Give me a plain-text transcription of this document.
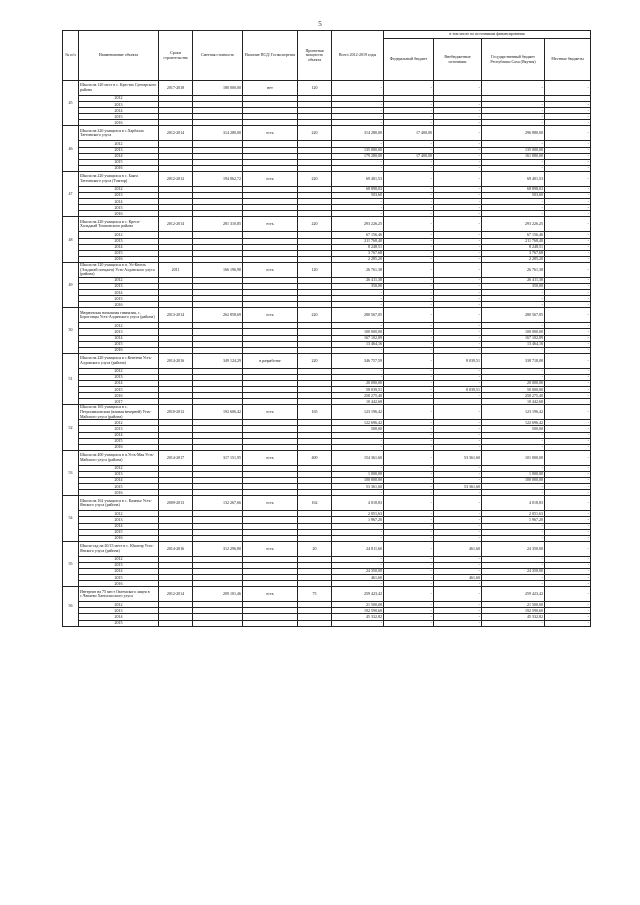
5
№ п/п	Наименование объекта	Сроки строительства	Сметная стоимость	Наличие ПСД/ Госэкспертиза	Проектная мощность объекта	Всего 2012-2019 годы	в том числе по источникам финансирования			
							Федеральный бюджет	Внебюджетные источники	Государственный бюджет Республики Саха (Якутия)	Местные бюджеты
45	Школа на 120 мест в с. Крестях Сунтарского района	2017-2018	180 000,00	нет	120	-	-	-	-	-
	2012									
	2013					-	-	-	-	-
	2014					-	-	-	-	-
	2015					-	-	-	-	-
	2016					-	-	-	-	-
46	Школа на 220 учащихся в с.Харбалах Таттинского улуса	2012-2014	314 280,00	есть	220	314 280,00	17 400,00	-	296 880,00	-
	2012					-	-	-	-	-
	2013					135 000,00	-	-	135 000,00	-
	2014					179 280,00	17 400,00	-	161 880,00	-
	2015					-	-	-	-	-
	2016					-	-	-	-	-
47	Школа на 220 учащихся в с. Баяга Таттинского улуса (Томтор)	2012-2012	194 062,72	есть	220	69 401,53	-	-	69 401,53	-
	2012					68 898,03	-	-	68 898,03	-
	2013					503,60	-	-	503,60	-
	2014					-	-	-	-	-
	2015					-	-	-	-	-
	2016					-	-	-	-	-
48	Школа на 220 учащихся в с. Кресп-Хальджай Томпонского района	2012-2014	281 310,85	есть	220	293 226,25	-	-	293 226,25	-
	2012					67 156,46	-	-	67 156,46	-
	2013					211 768,40	-	-	211 768,40	-
	2014					8 248,51	-	-	8 248,51	-
	2015					3 767,68	-	-	3 767,68	-
	2016					2 285,20	-	-	2 285,20	-
49	Школа на 120 учащихся в п. Уо-Кюель (Эльдигай спецжеп) Усть-Алданского улуса (района)	2011	166 196,98	есть	120	26 761,38	-	-	26 761,38	-
	2012					26 411,38	-	-	26 411,38	-
	2013					350,00	-	-	350,00	-
	2014					-	-	-	-	-
	2015					-	-	-	-	-
	2016					-	-	-	-	-
50	Мюрюнская начальная гимназия, с. Борогонцы Усть-Алданского улуса (района)	2013-2014	262 858,69	есть	220	280 567,05	-	-	280 567,05	-
	2012					-	-	-	-	-
	2013					100 000,00	-	-	100 000,00	-
	2014					167 102,89	-	-	167 102,89	-
	2015					13 464,16	-	-	13 464,16	-
	2016					-	-	-	-	-
51	Школа на 220 учащихся в с.Кептени Усть-Алданского улуса (района)	2014-2016	349 124,29	в разработке	220	346 757,59	-	8 039,51	338 718,08	-
	2012					-	-	-	-	-
	2013					-	-	-	-	-
	2014					20 000,00	-	-	20 000,00	-
	2015					58 039,51	-	8 039,51	50 000,00	-
	2016					258 275,40	-	-	258 275,40	-
	2017					10 442,68			10 442,68	
52	Школа на 165 учащихся в с. Петропавловском (вливая вечерней) Усть-Майского улуса (района)	2010-2012	192 606,42	есть	165	123 196,42	-	-	123 196,42	-
	2012					122 696,42	-	-	122 696,42	-
	2013					500,00	-	-	500,00	-
	2014					-	-	-	-	-
	2015					-	-	-	-	-
	2016					-	-	-	-	-
53	Школа на 400 учащихся в п.Усть-Мая Усть-Майского улуса (района)	2014-2017	317 151,95	есть	400	154 361,60	-	53 361,60	101 000,00	-
	2012					-	-	-	-	-
	2013					1 000,00	-	-	1 000,00	-
	2014					100 000,00	-	-	100 000,00	-
	2015					53 361,60	-	53 361,60	-	-
	2016					-	-	-	-	-
54	Школа на 162 учащихся в с. Казачье Усть-Янского улуса (района)	2009-2013	132 267,66	есть	162	4 018,83	-	-	4 018,83	-
	2012					2 051,63	-	-	2 051,63	-
	2013					1 967,20	-	-	1 967,20	-
	2014					-	-	-	-	-
	2015					-	-	-	-	-
	2016					-	-	-	-	-
55	Школа-сад на 20/15 мест в с. Юкагир Усть-Янского улуса (района)	2014-2016	312 296,80	есть	20	24 811,60	-	461,60	24 350,00	-
	2012					-	-	-	-	-
	2013					-	-	-	-	-
	2014					24 350,00	-	-	24 350,00	-
	2015					461,60	-	461,60	-	-
	2016					-	-	-	-	-
56	Интернат на 75 мест Октемского лицея в с.Чапаево Хангаласского улуса	2012-2014	209 101,46	есть	75	259 423,42	-	-	259 423,42	-
	2012					21 500,00	-	-	21 500,00	-
	2013					192 590,60	-	-	192 590,60	-
	2014					45 332,82	-	-	45 332,82	-
	2015					-	-	-	-	-
